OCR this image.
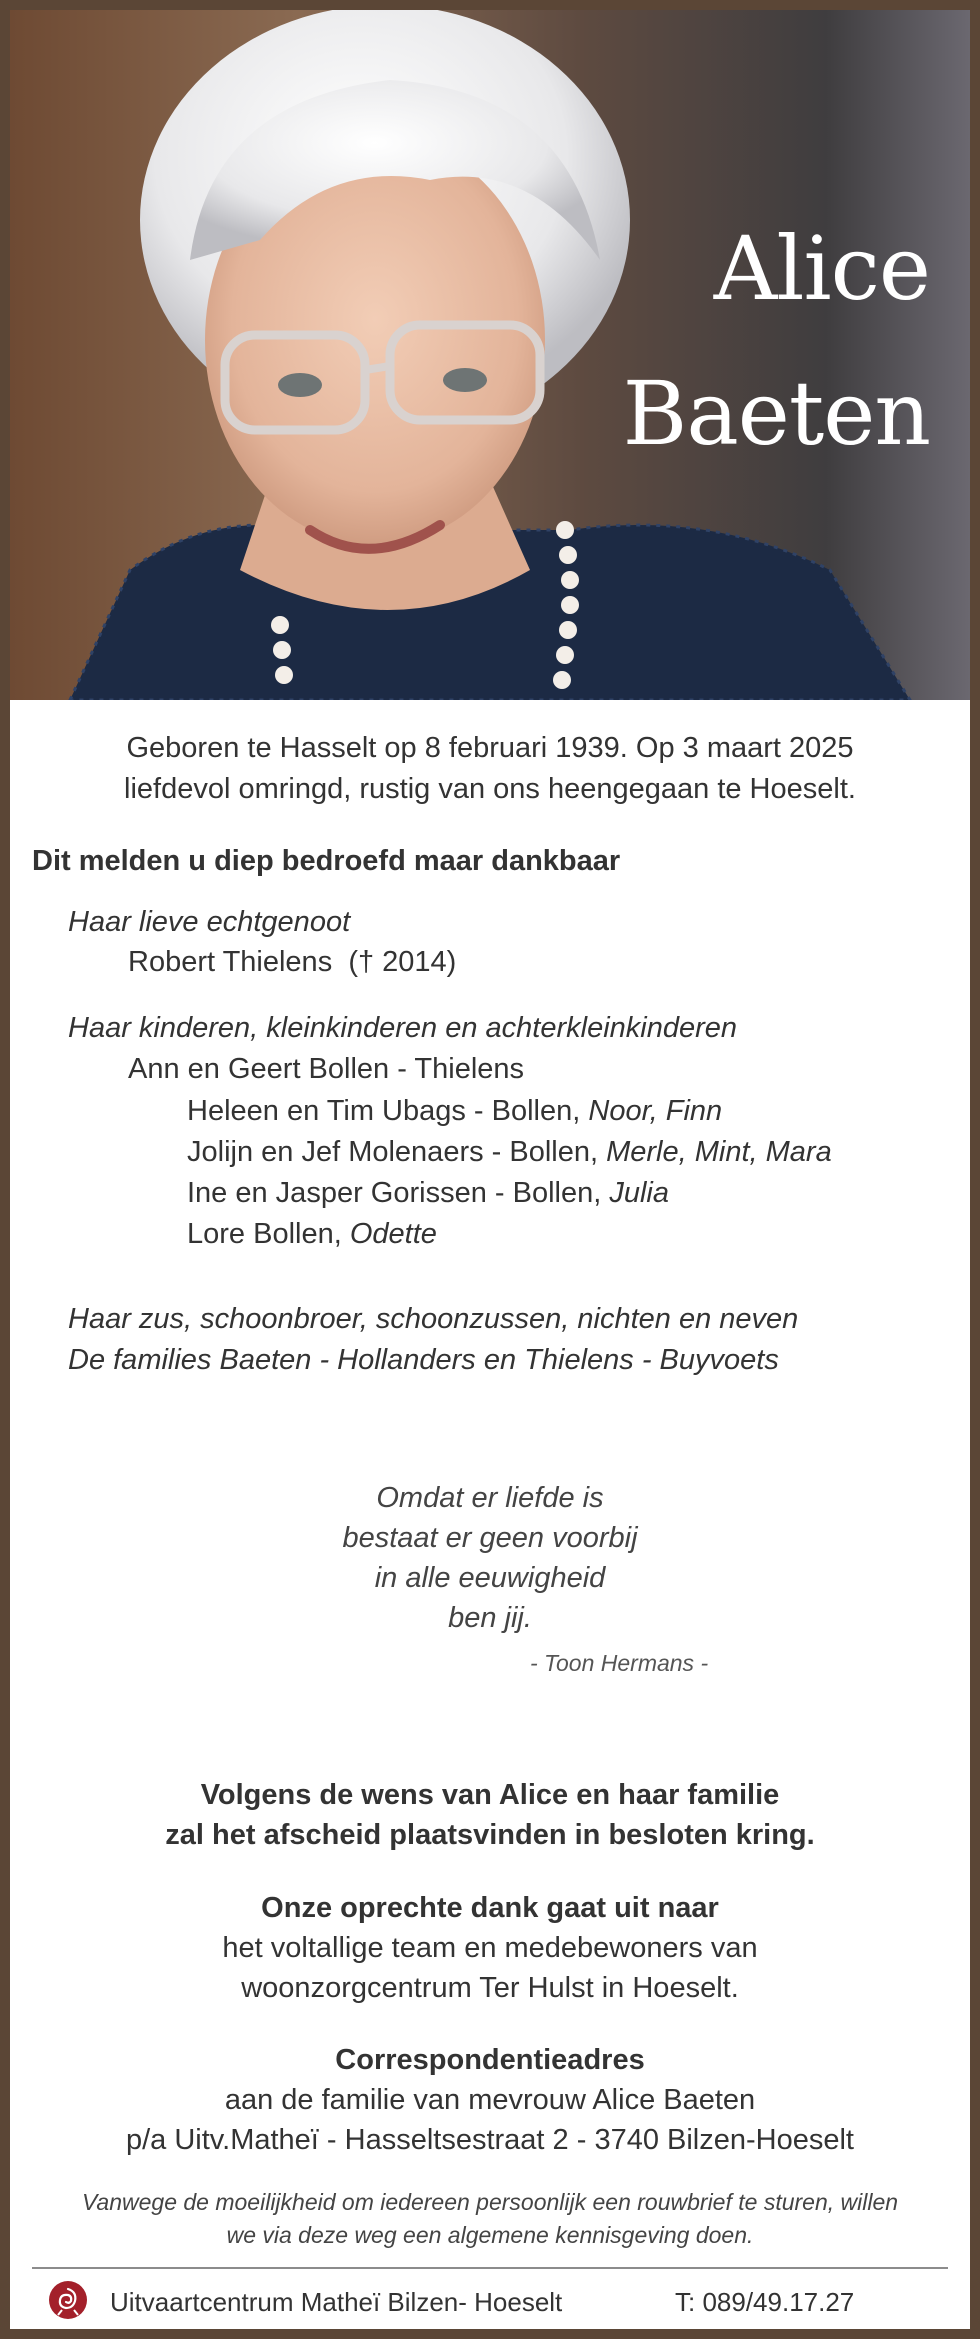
Alice
Baeten
Geboren te Hasselt op 8 februari 1939. Op 3 maart 2025
liefdevol omringd, rustig van ons heengegaan te Hoeselt.
Dit melden u diep bedroefd maar dankbaar
Haar lieve echtgenoot
Robert Thielens († 2014)
Haar kinderen, kleinkinderen en achterkleinkinderen
Ann en Geert Bollen - Thielens
Heleen en Tim Ubags - Bollen, Noor, Finn
Jolijn en Jef Molenaers - Bollen, Merle, Mint, Mara
Ine en Jasper Gorissen - Bollen, Julia
Lore Bollen, Odette
Haar zus, schoonbroer, schoonzussen, nichten en neven
De families Baeten - Hollanders en Thielens - Buyvoets
Omdat er liefde is
bestaat er geen voorbij
in alle eeuwigheid
ben jij.
- Toon Hermans -
Volgens de wens van Alice en haar familie
zal het afscheid plaatsvinden in besloten kring.
Onze oprechte dank gaat uit naar
het voltallige team en medebewoners van
woonzorgcentrum Ter Hulst in Hoeselt.
Correspondentieadres
aan de familie van mevrouw Alice Baeten
p/a Uitv.Matheï - Hasseltsestraat 2 - 3740 Bilzen-Hoeselt
Vanwege de moeilijkheid om iedereen persoonlijk een rouwbrief te sturen, willen
we via deze weg een algemene kennisgeving doen.
Uitvaartcentrum Matheï Bilzen- Hoeselt	T: 089/49.17.27
